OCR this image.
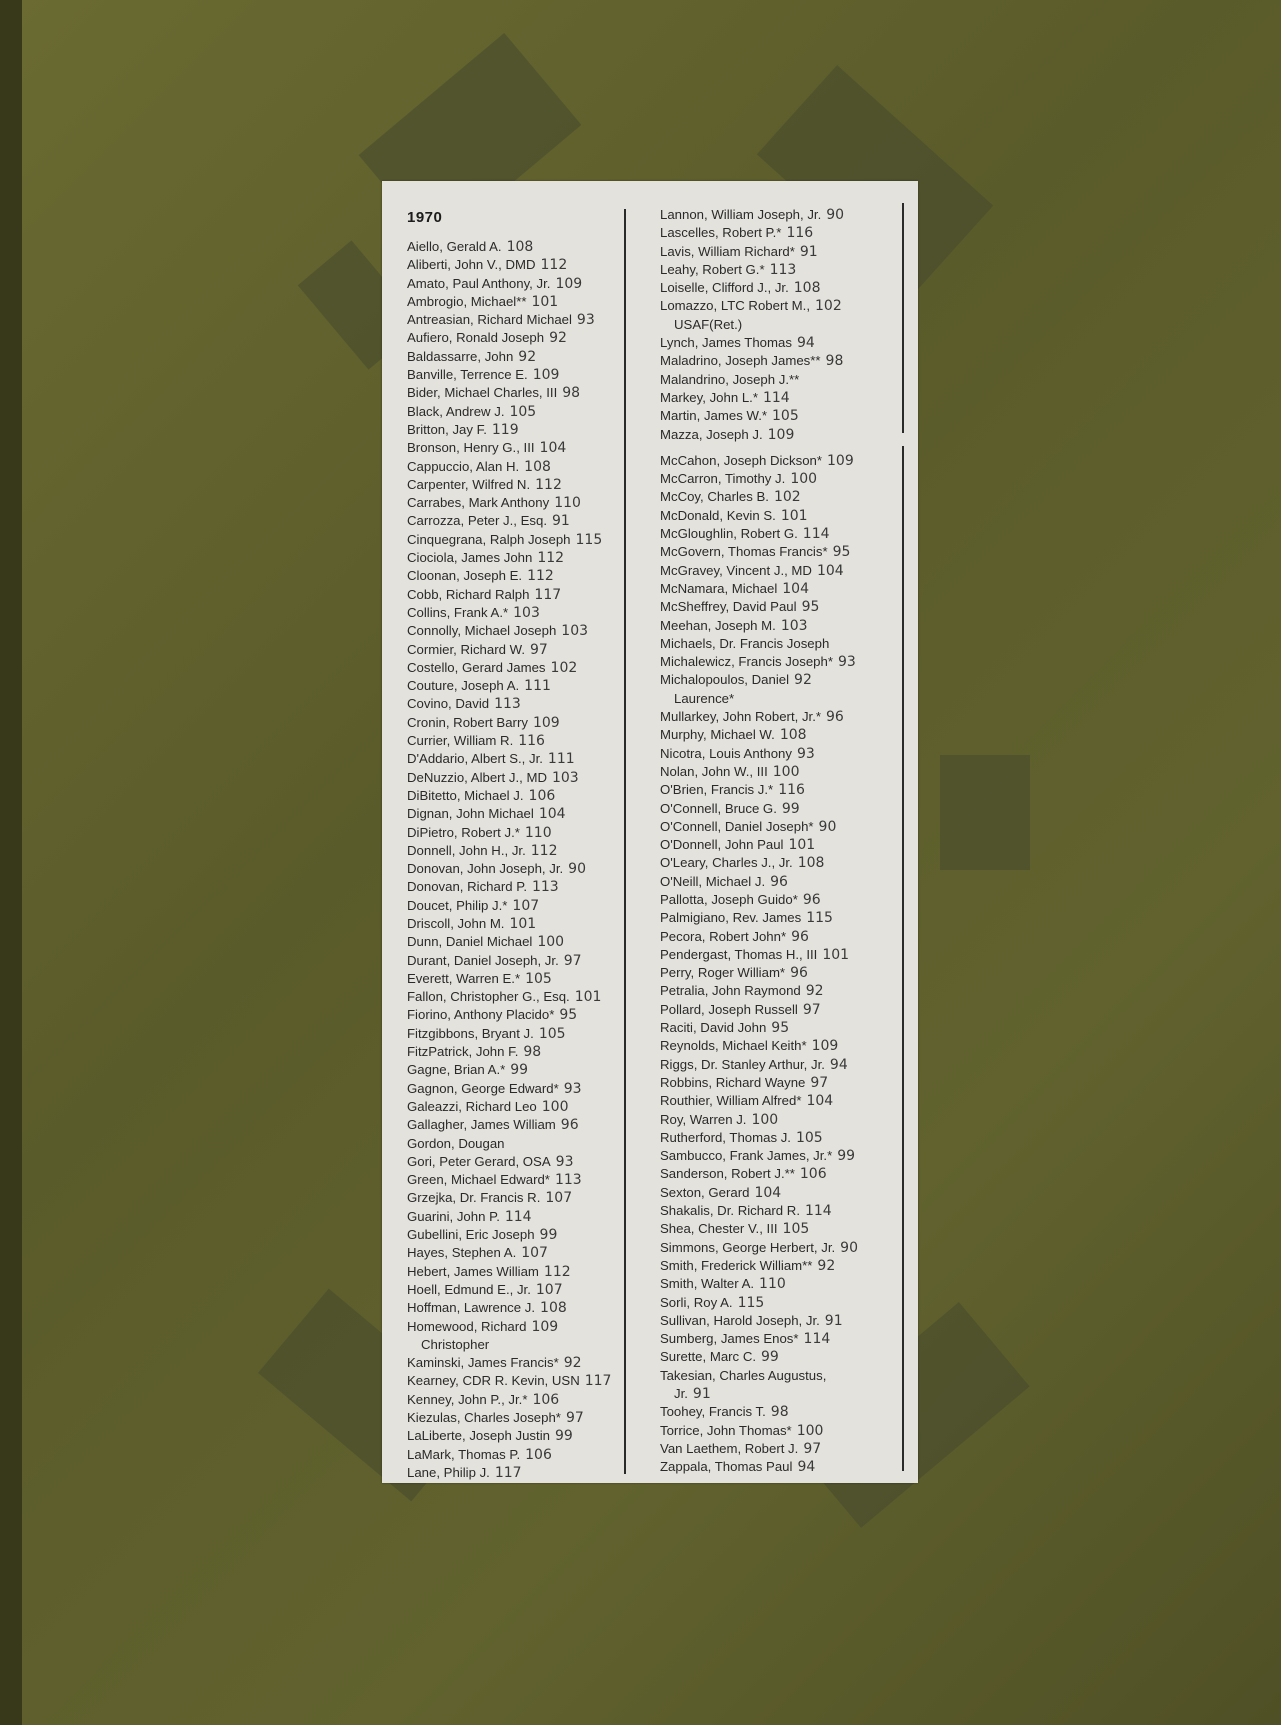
1970
Aiello, Gerald A. 108
Aliberti, John V., DMD 112
Amato, Paul Anthony, Jr. 109
Ambrogio, Michael** 101
Antreasian, Richard Michael 93
Aufiero, Ronald Joseph 92
Baldassarre, John 92
Banville, Terrence E. 109
Bider, Michael Charles, III 98
Black, Andrew J. 105
Britton, Jay F. 119
Bronson, Henry G., III 104
Cappuccio, Alan H. 108
Carpenter, Wilfred N. 112
Carrabes, Mark Anthony 110
Carrozza, Peter J., Esq. 91
Cinquegrana, Ralph Joseph 115
Ciociola, James John 112
Cloonan, Joseph E. 112
Cobb, Richard Ralph 117
Collins, Frank A.* 103
Connolly, Michael Joseph 103
Cormier, Richard W. 97
Costello, Gerard James 102
Couture, Joseph A. 111
Covino, David 113
Cronin, Robert Barry 109
Currier, William R. 116
D'Addario, Albert S., Jr. 111
DeNuzzio, Albert J., MD 103
DiBitetto, Michael J. 106
Dignan, John Michael 104
DiPietro, Robert J.* 110
Donnell, John H., Jr. 112
Donovan, John Joseph, Jr. 90
Donovan, Richard P. 113
Doucet, Philip J.* 107
Driscoll, John M. 101
Dunn, Daniel Michael 100
Durant, Daniel Joseph, Jr. 97
Everett, Warren E.* 105
Fallon, Christopher G., Esq. 101
Fiorino, Anthony Placido* 95
Fitzgibbons, Bryant J. 105
FitzPatrick, John F. 98
Gagne, Brian A.* 99
Gagnon, George Edward* 93
Galeazzi, Richard Leo 100
Gallagher, James William 96
Gordon, Dougan
Gori, Peter Gerard, OSA 93
Green, Michael Edward* 113
Grzejka, Dr. Francis R. 107
Guarini, John P. 114
Gubellini, Eric Joseph 99
Hayes, Stephen A. 107
Hebert, James William 112
Hoell, Edmund E., Jr. 107
Hoffman, Lawrence J. 108
Homewood, Richard 109
Christopher
Kaminski, James Francis* 92
Kearney, CDR R. Kevin, USN 117
Kenney, John P., Jr.* 106
Kiezulas, Charles Joseph* 97
LaLiberte, Joseph Justin 99
LaMark, Thomas P. 106
Lane, Philip J. 117
Lannon, William Joseph, Jr. 90
Lascelles, Robert P.* 116
Lavis, William Richard* 91
Leahy, Robert G.* 113
Loiselle, Clifford J., Jr. 108
Lomazzo, LTC Robert M., 102
USAF(Ret.)
Lynch, James Thomas 94
Maladrino, Joseph James** 98
Malandrino, Joseph J.**
Markey, John L.* 114
Martin, James W.* 105
Mazza, Joseph J. 109
McCahon, Joseph Dickson* 109
McCarron, Timothy J. 100
McCoy, Charles B. 102
McDonald, Kevin S. 101
McGloughlin, Robert G. 114
McGovern, Thomas Francis* 95
McGravey, Vincent J., MD 104
McNamara, Michael 104
McSheffrey, David Paul 95
Meehan, Joseph M. 103
Michaels, Dr. Francis Joseph
Michalewicz, Francis Joseph* 93
Michalopoulos, Daniel 92
Laurence*
Mullarkey, John Robert, Jr.* 96
Murphy, Michael W. 108
Nicotra, Louis Anthony 93
Nolan, John W., III 100
O'Brien, Francis J.* 116
O'Connell, Bruce G. 99
O'Connell, Daniel Joseph* 90
O'Donnell, John Paul 101
O'Leary, Charles J., Jr. 108
O'Neill, Michael J. 96
Pallotta, Joseph Guido* 96
Palmigiano, Rev. James 115
Pecora, Robert John* 96
Pendergast, Thomas H., III 101
Perry, Roger William* 96
Petralia, John Raymond 92
Pollard, Joseph Russell 97
Raciti, David John 95
Reynolds, Michael Keith* 109
Riggs, Dr. Stanley Arthur, Jr. 94
Robbins, Richard Wayne 97
Routhier, William Alfred* 104
Roy, Warren J. 100
Rutherford, Thomas J. 105
Sambucco, Frank James, Jr.* 99
Sanderson, Robert J.** 106
Sexton, Gerard 104
Shakalis, Dr. Richard R. 114
Shea, Chester V., III 105
Simmons, George Herbert, Jr. 90
Smith, Frederick William** 92
Smith, Walter A. 110
Sorli, Roy A. 115
Sullivan, Harold Joseph, Jr. 91
Sumberg, James Enos* 114
Surette, Marc C. 99
Takesian, Charles Augustus,
Jr. 91
Toohey, Francis T. 98
Torrice, John Thomas* 100
Van Laethem, Robert J. 97
Zappala, Thomas Paul 94
